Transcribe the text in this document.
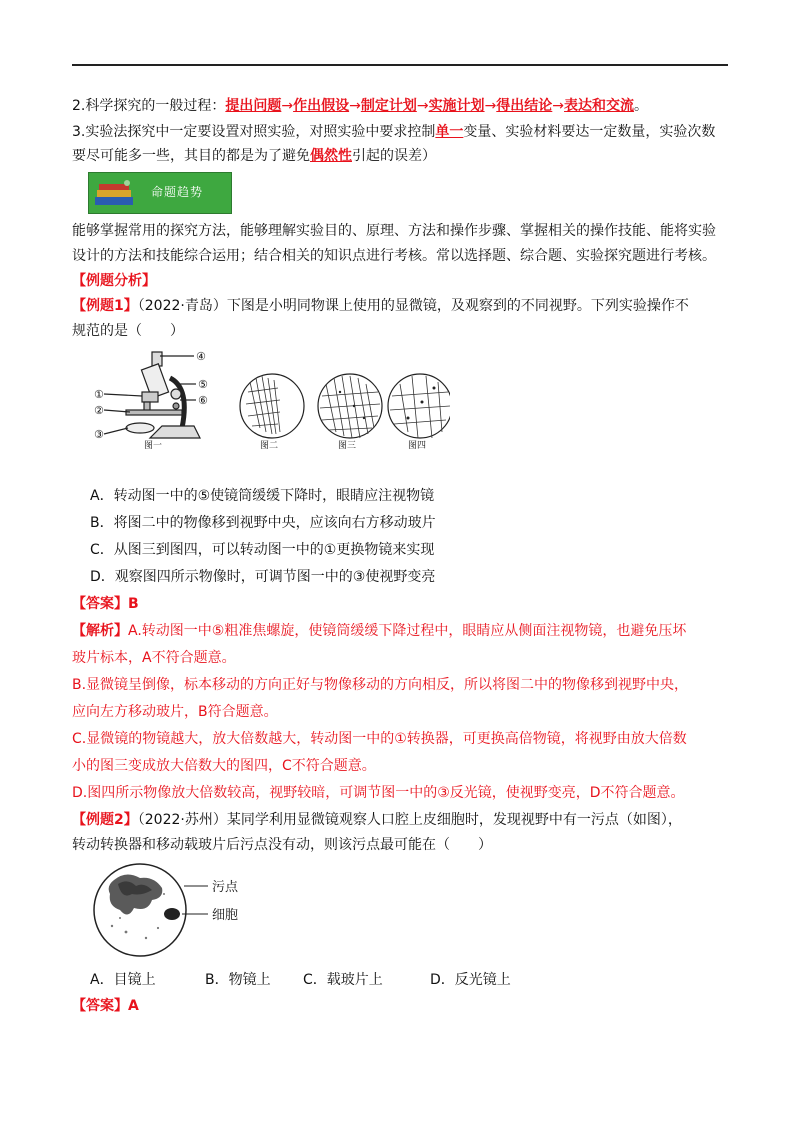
2.科学探究的一般过程：提出问题→作出假设→制定计划→实施计划→得出结论→表达和交流。
3.实验法探究中一定要设置对照实验，对照实验中要求控制单一变量、实验材料要达一定数量，实验次数
要尽可能多一些，其目的都是为了避免偶然性引起的误差）
命题趋势
能够掌握常用的探究方法，能够理解实验目的、原理、方法和操作步骤、掌握相关的操作技能、能将实验
设计的方法和技能综合运用；结合相关的知识点进行考核。常以选择题、综合题、实验探究题进行考核。
【例题分析】
【例题1】（2022·青岛）下图是小明同物课上使用的显微镜，及观察到的不同视野。下列实验操作不
规范的是（　　）
①
②
③
④
⑤
⑥
图一	图二	图三	图四
A．转动图一中的⑤使镜筒缓缓下降时，眼睛应注视物镜
B．将图二中的物像移到视野中央，应该向右方移动玻片
C．从图三到图四，可以转动图一中的①更换物镜来实现
D．观察图四所示物像时，可调节图一中的③使视野变亮
【答案】B
【解析】A.转动图一中⑤粗准焦螺旋，使镜筒缓缓下降过程中，眼睛应从侧面注视物镜，也避免压坏
玻片标本，A不符合题意。
B.显微镜呈倒像，标本移动的方向正好与物像移动的方向相反，所以将图二中的物像移到视野中央，
应向左方移动玻片，B符合题意。
C.显微镜的物镜越大，放大倍数越大，转动图一中的①转换器，可更换高倍物镜，将视野由放大倍数
小的图三变成放大倍数大的图四，C不符合题意。
D.图四所示物像放大倍数较高，视野较暗，可调节图一中的③反光镜，使视野变亮，D不符合题意。
【例题2】（2022·苏州）某同学利用显微镜观察人口腔上皮细胞时，发现视野中有一污点（如图），
转动转换器和移动载玻片后污点没有动，则该污点最可能在（　　）
污点
细胞
A．目镜上	B．物镜上 C．载玻片上	D．反光镜上
【答案】A
